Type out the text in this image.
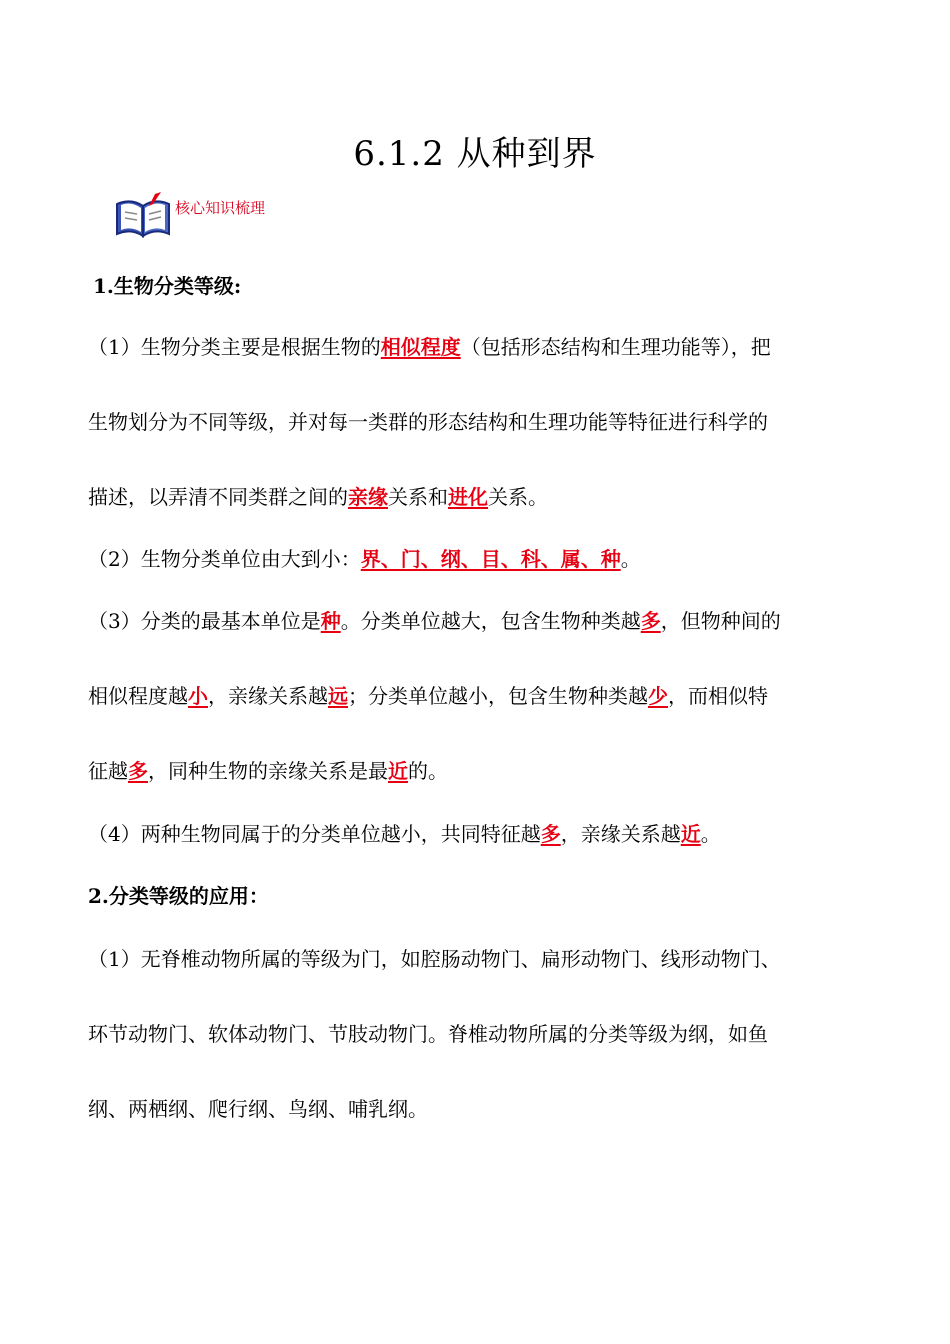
6.1.2 从种到界
核心知识梳理
1.生物分类等级:
（1）生物分类主要是根据生物的相似程度（包括形态结构和生理功能等），把
生物划分为不同等级，并对每一类群的形态结构和生理功能等特征进行科学的
描述，以弄清不同类群之间的亲缘关系和进化关系。
（2）生物分类单位由大到小：界、门、纲、目、科、属、种。
（3）分类的最基本单位是种。分类单位越大，包含生物种类越多，但物种间的
相似程度越小，亲缘关系越远；分类单位越小，包含生物种类越少，而相似特
征越多，同种生物的亲缘关系是最近的。
（4）两种生物同属于的分类单位越小，共同特征越多，亲缘关系越近。
2.分类等级的应用：
（1）无脊椎动物所属的等级为门，如腔肠动物门、扁形动物门、线形动物门、
环节动物门、软体动物门、节肢动物门。脊椎动物所属的分类等级为纲，如鱼
纲、两栖纲、爬行纲、鸟纲、哺乳纲。
